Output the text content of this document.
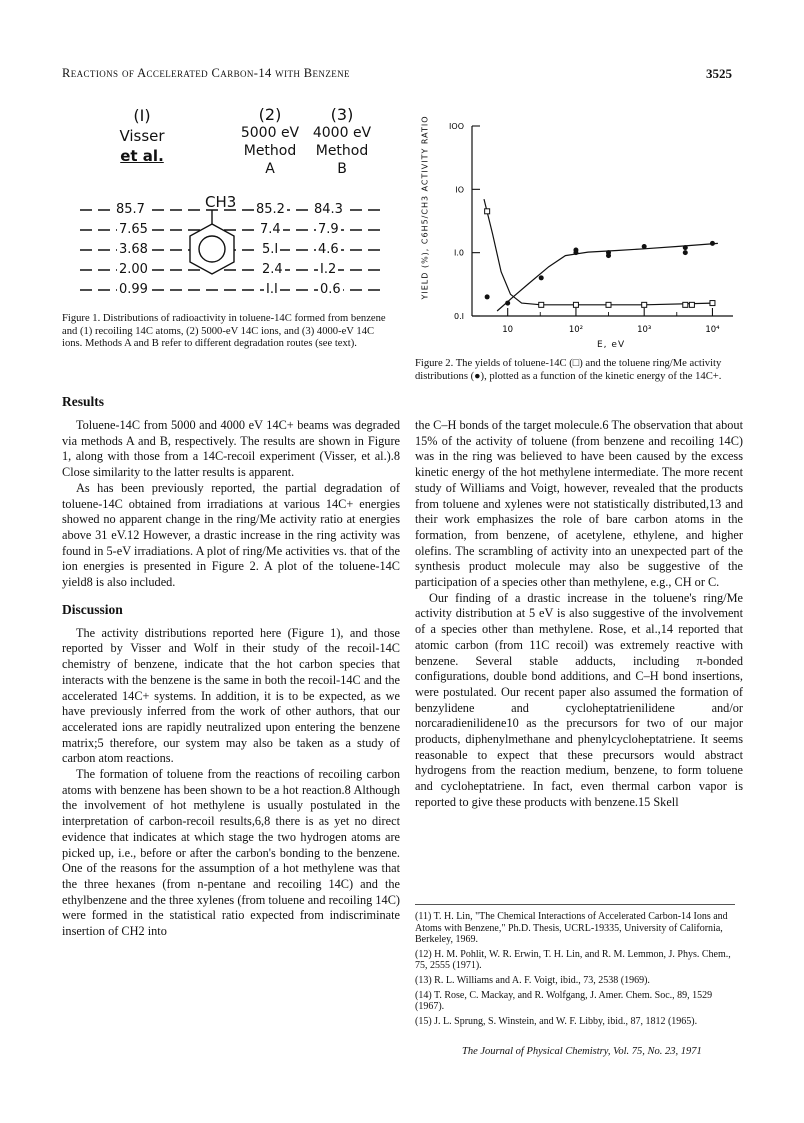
Reactions of Accelerated Carbon-14 with Benzene	3525
(I)
Visser
et al.
(2)
5000 eV
Method
A
(3)
4000 eV
Method
B
CH3
85.7	85.2 84.3
7.65	7.4	7.9
3.68	5.I	4.6
2.00	2.4	I.2
0.99	I.I	0.6
Figure 1. Distributions of radioactivity in toluene-14C formed from benzene and (1) recoiling 14C atoms, (2) 5000-eV 14C ions, and (3) 4000-eV 14C ions. Methods A and B refer to different degradation routes (see text).
0.I
I.0
IO
IOO
10	10²	10³	10⁴
YIELD (%), C6H5/CH3 ACTIVITY RATIO
E, eV
Figure 2. The yields of toluene-14C (□) and the toluene ring/Me activity distributions (●), plotted as a function of the kinetic energy of the 14C+.
Results

Toluene-14C from 5000 and 4000 eV 14C+ beams was degraded via methods A and B, respectively. The results are shown in Figure 1, along with those from a 14C-recoil experiment (Visser, et al.).8 Close similarity to the latter results is apparent.

As has been previously reported, the partial degradation of toluene-14C obtained from irradiations at various 14C+ energies showed no apparent change in the ring/Me activity ratio at energies above 31 eV.12 However, a drastic increase in the ring activity was found in 5-eV irradiations. A plot of ring/Me activities vs. that of the ion energies is presented in Figure 2. A plot of the toluene-14C yield8 is also included.

Discussion

The activity distributions reported here (Figure 1), and those reported by Visser and Wolf in their study of the recoil-14C chemistry of benzene, indicate that the hot carbon species that interacts with the benzene is the same in both the recoil-14C and the accelerated 14C+ systems. In addition, it is to be expected, as we have previously inferred from the work of other authors, that our accelerated ions are rapidly neutralized upon entering the benzene matrix;5 therefore, our system may also be taken as a study of carbon atom reactions.

The formation of toluene from the reactions of recoiling carbon atoms with benzene has been shown to be a hot reaction.8 Although the involvement of hot methylene is usually postulated in the interpretation of carbon-recoil results,6,8 there is as yet no direct evidence that indicates at which stage the two hydrogen atoms are picked up, i.e., before or after the carbon's bonding to the benzene. One of the reasons for the assumption of a hot methylene was that the three hexanes (from n-pentane and recoiling 14C) and the ethylbenzene and the three xylenes (from toluene and recoiling 14C) were formed in the statistical ratio expected from indiscriminate insertion of CH2 into

the C–H bonds of the target molecule.6 The observation that about 15% of the activity of toluene (from benzene and recoiling 14C) was in the ring was believed to have been caused by the excess kinetic energy of the hot methylene intermediate. The more recent study of Williams and Voigt, however, revealed that the products from toluene and xylenes were not statistically distributed,13 and their work emphasizes the role of bare carbon atoms in the formation, from benzene, of acetylene, ethylene, and higher olefins. The scrambling of activity into an unexpected part of the synthesis product molecule may also be suggestive of the participation of a species other than methylene, e.g., CH or C.

Our finding of a drastic increase in the toluene's ring/Me activity distribution at 5 eV is also suggestive of the involvement of a species other than methylene. Rose, et al.,14 reported that atomic carbon (from 11C recoil) was extremely reactive with benzene. Several stable adducts, including π-bonded configurations, double bond additions, and C–H bond insertions, were postulated. Our recent paper also assumed the formation of benzylidene and cycloheptatrienilidene and/or norcaradienilidene10 as the precursors for two of our major products, diphenylmethane and phenylcycloheptatriene. It seems reasonable to expect that these precursors would abstract hydrogens from the reaction medium, benzene, to form toluene and cycloheptatriene. In fact, even thermal carbon vapor is reported to give these products with benzene.15 Skell

(11) T. H. Lin, "The Chemical Interactions of Accelerated Carbon-14 Ions and Atoms with Benzene," Ph.D. Thesis, UCRL-19335, University of California, Berkeley, 1969.
(12) H. M. Pohlit, W. R. Erwin, T. H. Lin, and R. M. Lemmon, J. Phys. Chem., 75, 2555 (1971).
(13) R. L. Williams and A. F. Voigt, ibid., 73, 2538 (1969).
(14) T. Rose, C. Mackay, and R. Wolfgang, J. Amer. Chem. Soc., 89, 1529 (1967).
(15) J. L. Sprung, S. Winstein, and W. F. Libby, ibid., 87, 1812 (1965).
The Journal of Physical Chemistry, Vol. 75, No. 23, 1971
